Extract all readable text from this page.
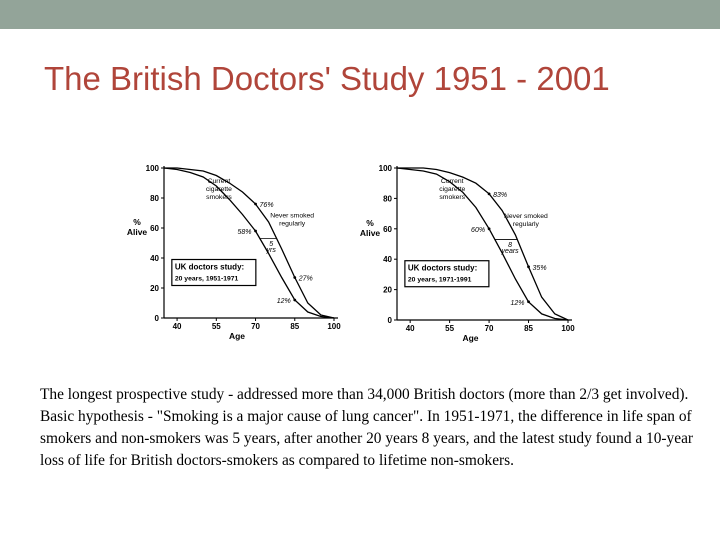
The British Doctors' Study 1951 - 2001
0
20
40
60
80
100
40	55	70	85	100
Age
%
Alive
Current
cigarette
smokers
Never smoked
regularly
UK doctors study:
20 years, 1951-1971
76%
58%
27%
12%
5
yrs
0
20
40
60
80
100
40	55	70	85	100
Age
%
Alive
Current
cigarette
smokers
Never smoked
regularly
UK doctors study:
20 years, 1971-1991
83%
60%
35%
12%
8
years
The longest prospective study - addressed more than 34,000 British doctors (more than 2/3 get involved). Basic hypothesis - "Smoking is a major cause of lung cancer". In 1951-1971, the difference in life span of smokers and non-smokers was 5 years, after another 20 years 8 years, and the latest study found a 10-year loss of life for British doctors-smokers as compared to lifetime non-smokers.
